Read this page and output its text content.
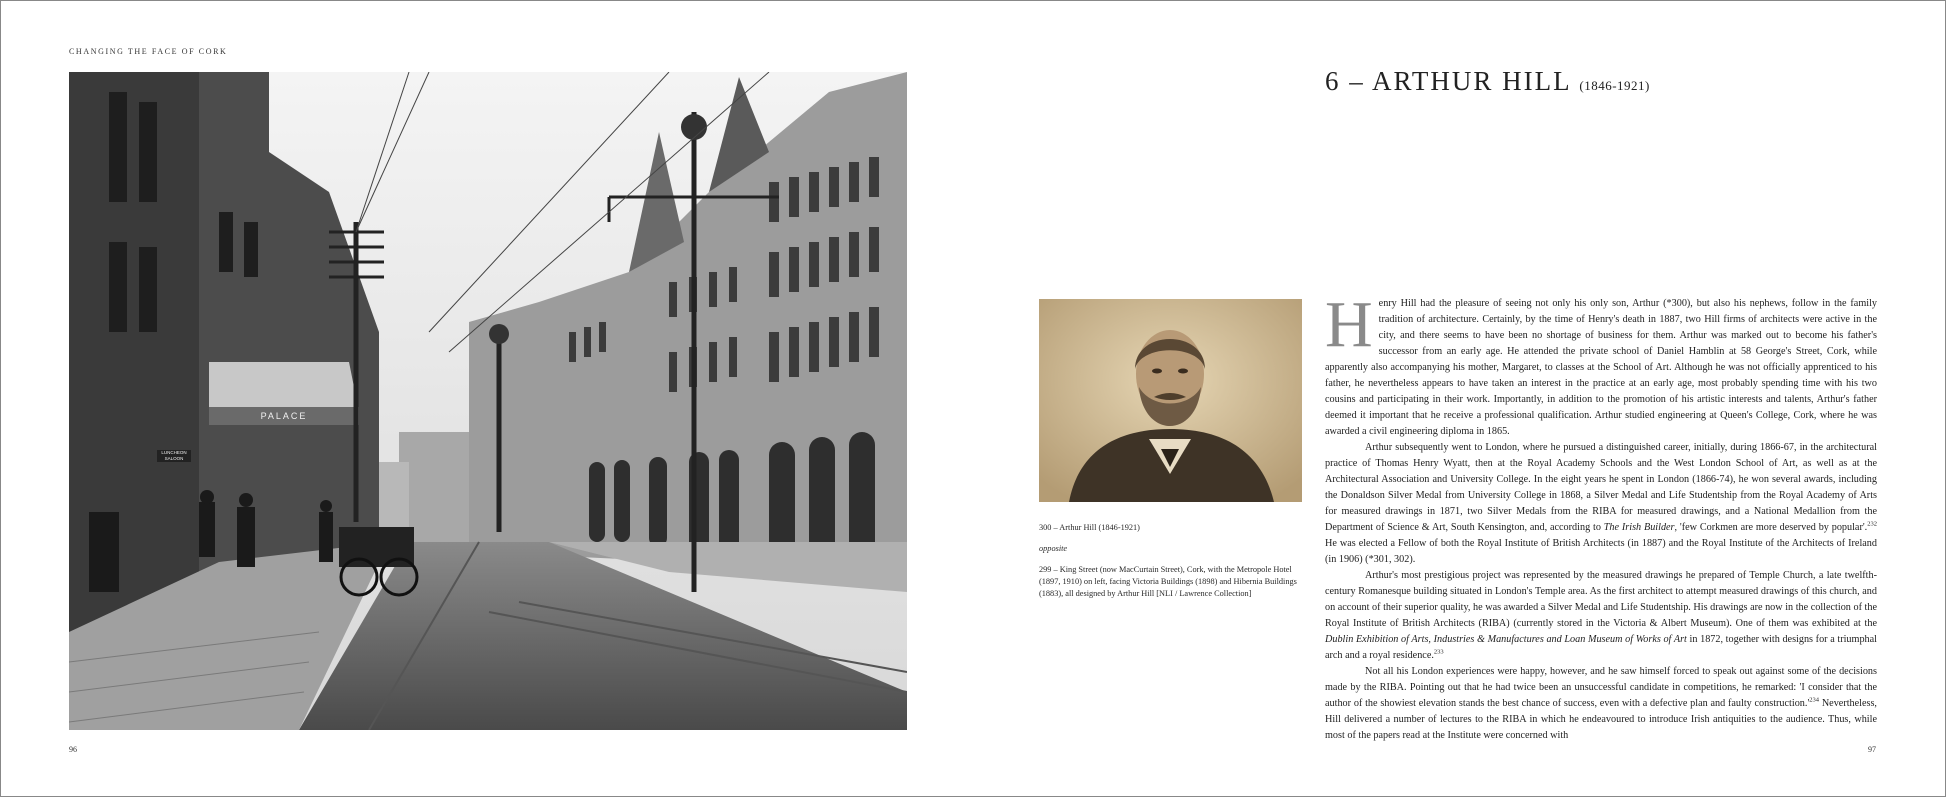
CHANGING THE FACE OF CORK
PALACE
LUNCHEON SALOON

300 – Arthur Hill (1846-1921)

opposite

299 – King Street (now MacCurtain Street), Cork, with the Metropole Hotel (1897, 1910) on left, facing Victoria Buildings (1898) and Hibernia Buildings (1883), all designed by Arthur Hill [NLI / Lawrence Collection]

6 – ARTHUR HILL (1846-1921)

Henry Hill had the pleasure of seeing not only his only son, Arthur (*300), but also his nephews, follow in the family tradition of architecture. Certainly, by the time of Henry's death in 1887, two Hill firms of architects were active in the city, and there seems to have been no shortage of business for them. Arthur was marked out to become his father's successor from an early age. He attended the private school of Daniel Hamblin at 58 George's Street, Cork, while apparently also accompanying his mother, Margaret, to classes at the School of Art. Although he was not officially apprenticed to his father, he nevertheless appears to have taken an interest in the practice at an early age, most probably spending time with his two cousins and participating in their work. Importantly, in addition to the promotion of his artistic interests and talents, Arthur's father deemed it important that he receive a professional qualification. Arthur studied engineering at Queen's College, Cork, where he was awarded a civil engineering diploma in 1865.

Arthur subsequently went to London, where he pursued a distinguished career, initially, during 1866-67, in the architectural practice of Thomas Henry Wyatt, then at the Royal Academy Schools and the West London School of Art, as well as at the Architectural Association and University College. In the eight years he spent in London (1866-74), he won several awards, including the Donaldson Silver Medal from University College in 1868, a Silver Medal and Life Studentship from the Royal Academy of Arts for measured drawings in 1871, two Silver Medals from the RIBA for measured drawings, and a National Medallion from the Department of Science & Art, South Kensington, and, according to The Irish Builder, 'few Corkmen are more deserved by popular'.$^{232}$ He was elected a Fellow of both the Royal Institute of British Architects (in 1887) and the Royal Institute of the Architects of Ireland (in 1906) (*301, 302).

Arthur's most prestigious project was represented by the measured drawings he prepared of Temple Church, a late twelfth-century Romanesque building situated in London's Temple area. As the first architect to attempt measured drawings of this church, and on account of their superior quality, he was awarded a Silver Medal and Life Studentship. His drawings are now in the collection of the Royal Institute of British Architects (RIBA) (currently stored in the Victoria & Albert Museum). One of them was exhibited at the Dublin Exhibition of Arts, Industries & Manufactures and Loan Museum of Works of Art in 1872, together with designs for a triumphal arch and a royal residence.$^{233}$

Not all his London experiences were happy, however, and he saw himself forced to speak out against some of the decisions made by the RIBA. Pointing out that he had twice been an unsuccessful candidate in competitions, he remarked: 'I consider that the author of the showiest elevation stands the best chance of success, even with a defective plan and faulty $construction.'^{234}$ Nevertheless, Hill delivered a number of lectures to the RIBA in which he endeavoured to introduce Irish antiquities to the audience. Thus, while most of the papers read at the Institute were concerned with

96	97
